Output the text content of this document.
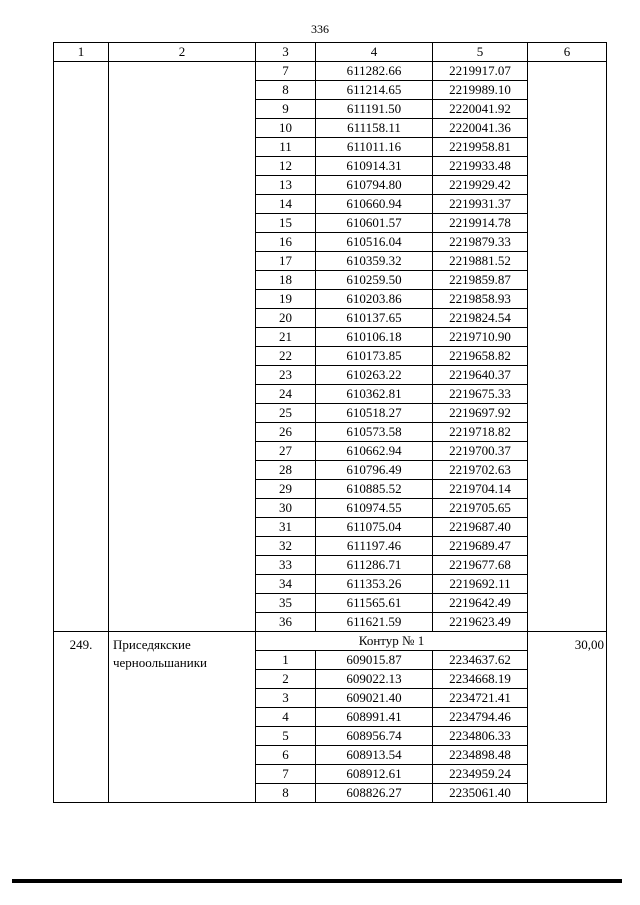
336
1	2	3	4	5	6
		7	611282.66	2219917.07	
		8	611214.65	2219989.10	
		9	611191.50	2220041.92	
		10	611158.11	2220041.36	
		11	611011.16	2219958.81	
		12	610914.31	2219933.48	
		13	610794.80	2219929.42	
		14	610660.94	2219931.37	
		15	610601.57	2219914.78	
		16	610516.04	2219879.33	
		17	610359.32	2219881.52	
		18	610259.50	2219859.87	
		19	610203.86	2219858.93	
		20	610137.65	2219824.54	
		21	610106.18	2219710.90	
		22	610173.85	2219658.82	
		23	610263.22	2219640.37	
		24	610362.81	2219675.33	
		25	610518.27	2219697.92	
		26	610573.58	2219718.82	
		27	610662.94	2219700.37	
		28	610796.49	2219702.63	
		29	610885.52	2219704.14	
		30	610974.55	2219705.65	
		31	611075.04	2219687.40	
		32	611197.46	2219689.47	
		33	611286.71	2219677.68	
		34	611353.26	2219692.11	
		35	611565.61	2219642.49	
		36	611621.59	2219623.49	
249.	Приседякские черноольшаники	Контур № 1			30,00
		1	609015.87	2234637.62	
		2	609022.13	2234668.19	
		3	609021.40	2234721.41	
		4	608991.41	2234794.46	
		5	608956.74	2234806.33	
		6	608913.54	2234898.48	
		7	608912.61	2234959.24	
		8	608826.27	2235061.40	
